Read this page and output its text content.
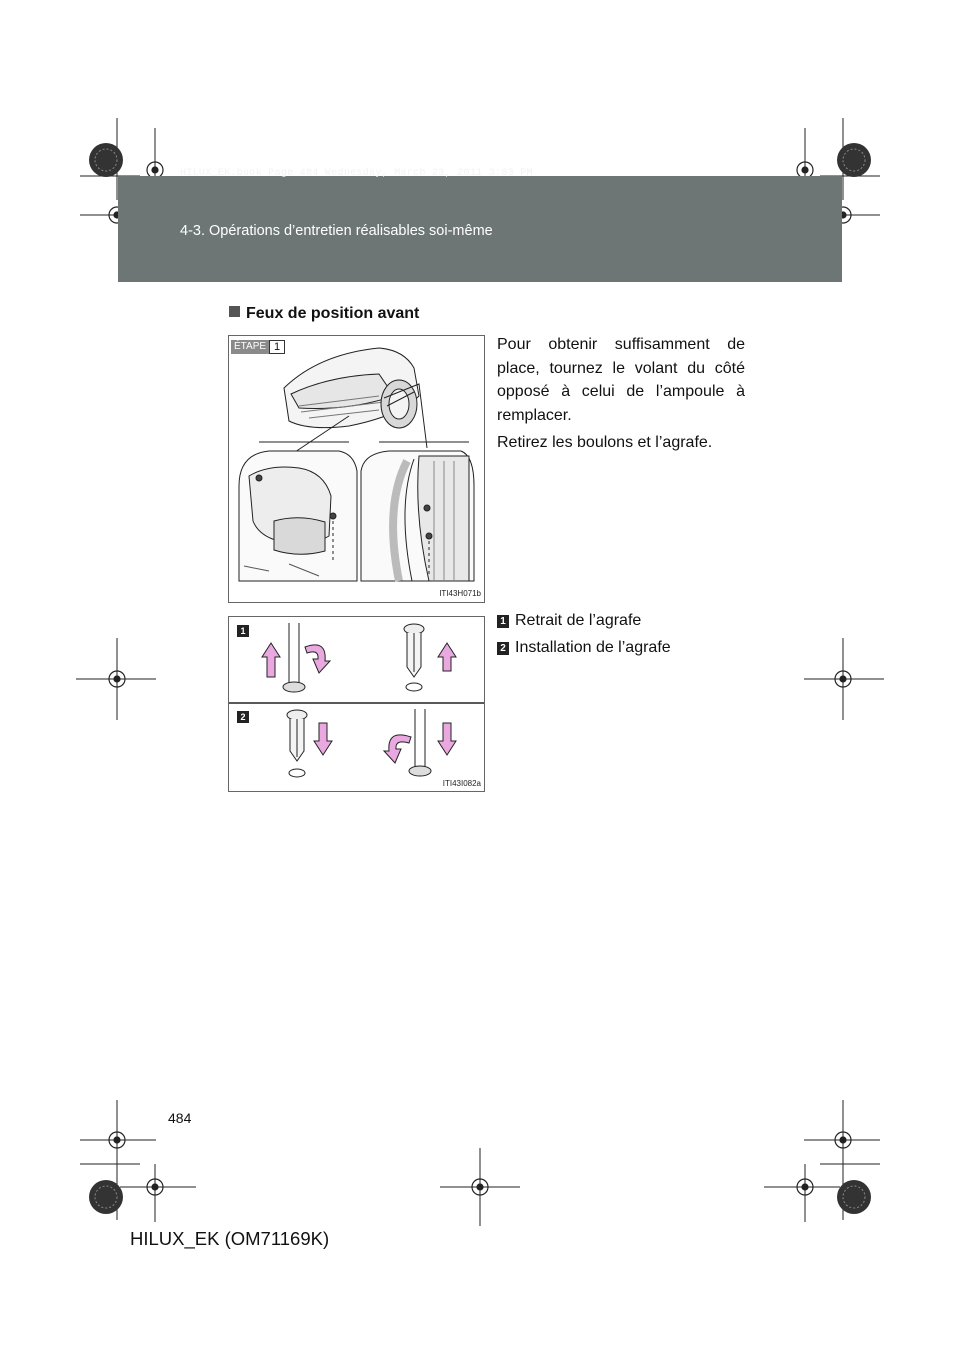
HILUX_EK.book Page 484 Wednesday, March 23, 2011 3:03 PM
4-3. Opérations d’entretien réalisables soi-même
Feux de position avant

Pour obtenir suffisamment de place, tournez le volant du côté opposé à celui de l’ampoule à remplacer.

Retirez les boulons et l’agrafe.

1 Retrait de l’agrafe
2 Installation de l’agrafe
ÉTAPE 1
ITI43H071b
1
2
ITI43I082a
484
HILUX_EK (OM71169K)
